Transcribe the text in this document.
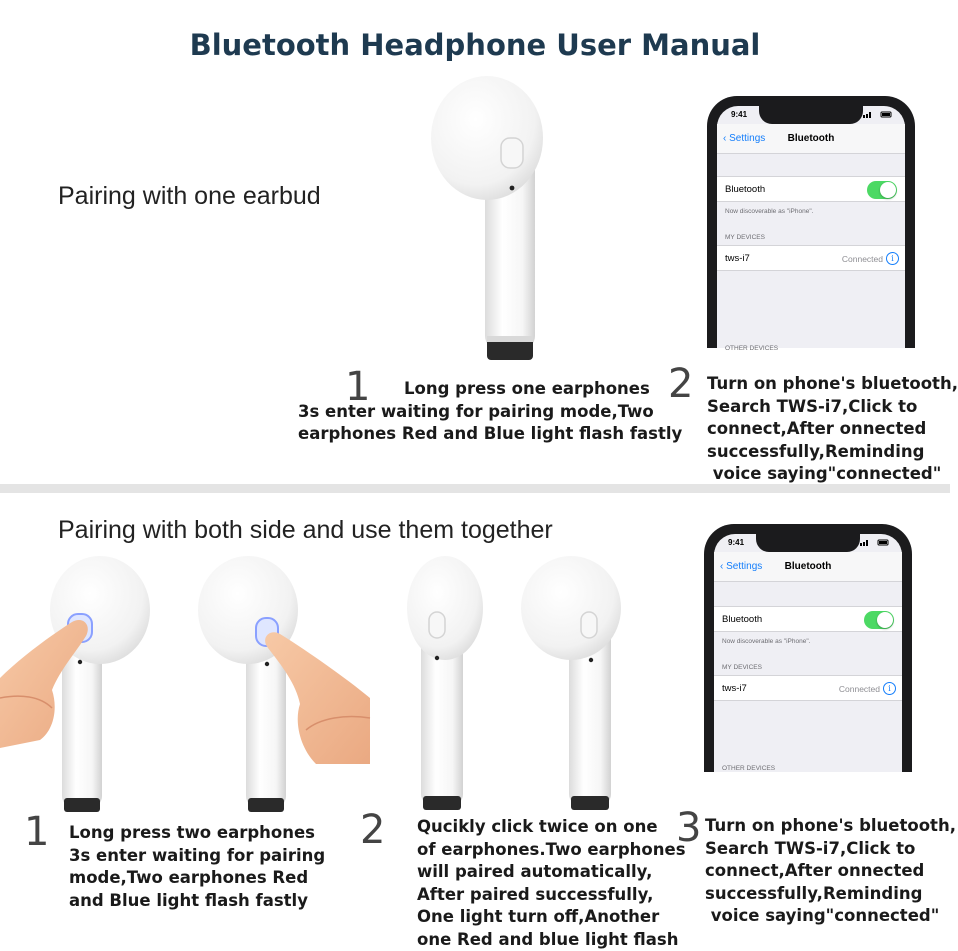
Bluetooth Headphone User Manual
Pairing with one earbud
9:41
‹ Settings	Bluetooth
Bluetooth
Now discoverable as "iPhone".
MY DEVICES
tws-i7	Connected	i
OTHER DEVICES
1	Long press one earphones
3s enter waiting for pairing mode,Two
earphones Red and Blue light flash fastly
2 Turn on phone's bluetooth,
Search TWS-i7,Click to
connect,After onnected
successfully,Reminding
voice saying"connected"
Pairing with both side and use them together	9:41
‹ Settings	Bluetooth
Bluetooth
Now discoverable as "iPhone".
MY DEVICES
tws-i7	Connected	i
OTHER DEVICES
1 Long press two earphones
3s enter waiting for pairing
mode,Two earphones Red
and Blue light flash fastly
2 Qucikly click twice on one
of earphones.Two earphones
will paired automatically,
After paired successfully,
One light turn off,Another
one Red and blue light flash
3 Turn on phone's bluetooth,
Search TWS-i7,Click to
connect,After onnected
successfully,Reminding
voice saying"connected"
